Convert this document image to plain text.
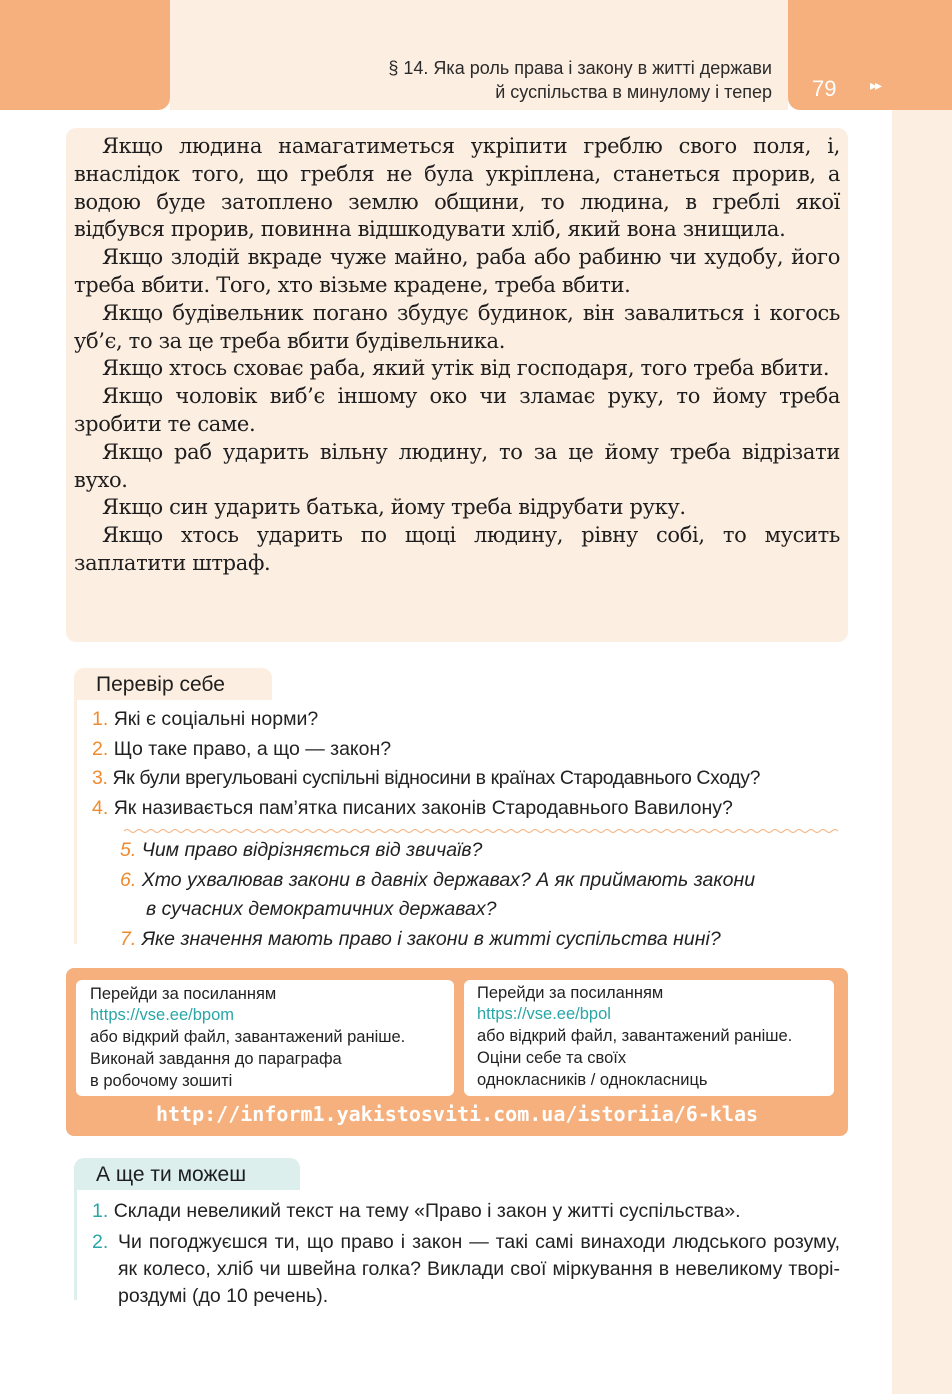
§ 14. Яка роль права і закону в житті держави
й суспільства в минулому і тепер 79 ▸▸

Якщо людина намагатиметься укріпити греблю свого поля, і, внаслідок того, що гребля не була укріплена, станеться прорив, а водою буде затоплено землю общини, то людина, в греблі якої відбувся прорив, повинна відшкодувати хліб, який вона знищила.

Якщо злодій вкраде чуже майно, раба або рабиню чи худобу, його треба вбити. Того, хто візьме крадене, треба вбити.

Якщо будівельник погано збудує будинок, він завалиться і когось уб’є, то за це треба вбити будівельника.

Якщо хтось сховає раба, який утік від господаря, того треба вбити.

Якщо чоловік виб’є іншому око чи зламає руку, то йому треба зробити те саме.

Якщо раб ударить вільну людину, то за це йому треба відрізати вухо.

Якщо син ударить батька, йому треба відрубати руку.

Якщо хтось ударить по щоці людину, рівну собі, то мусить заплатити штраф.

Перевір себе
1. Які є соціальні норми?
2. Що таке право, а що — закон?
3. Як були врегульовані суспільні відносини в країнах Стародавнього Сходу?
4. Як називається пам’ятка писаних законів Стародавнього Вавилону?
5. Чим право відрізняється від звичаїв?
6. Хто ухвалював закони в давніх державах? А як приймають закони
в сучасних демократичних державах?
7. Яке значення мають право і закони в житті суспільства нині?
Перейди за посиланням
https://vse.ee/bpom
або відкрий файл, завантажений раніше.
Виконай завдання до параграфа
в робочому зошиті
Перейди за посиланням
https://vse.ee/bpol
або відкрий файл, завантажений раніше.
Оціни себе та своїх
однокласників / однокласниць
http://inform1.yakistosviti.com.ua/istoriia/6-klas
А ще ти можеш
1. Склади невеликий текст на тему «Право і закон у житті суспільства».
2. Чи погоджуєшся ти, що право і закон — такі самі винаходи людського розуму, як колесо, хліб чи швейна голка? Виклади свої міркування в невеликому творі-роздумі (до 10 речень).
